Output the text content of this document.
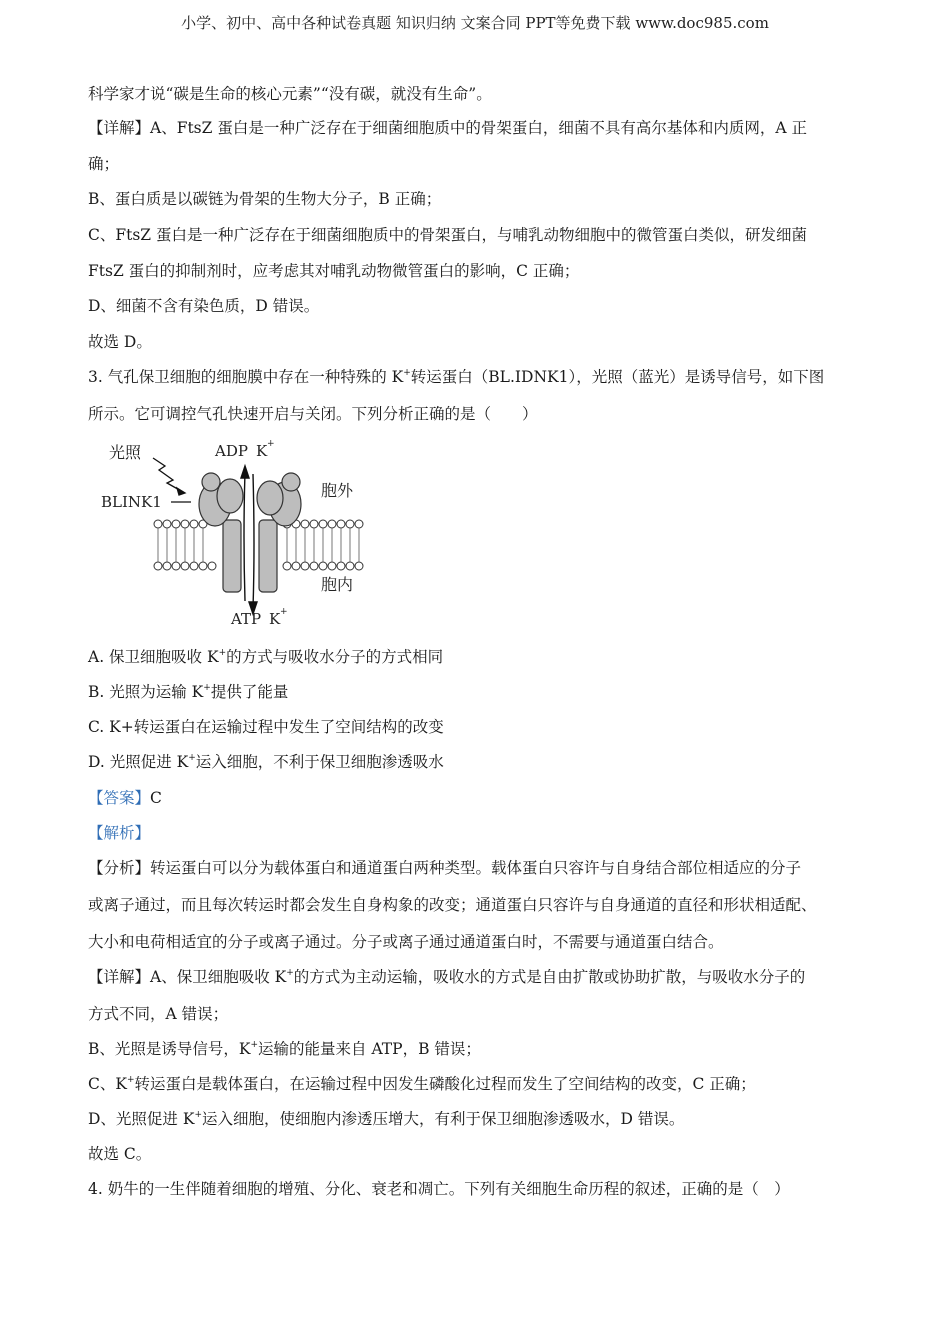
小学、初中、高中各种试卷真题 知识归纳 文案合同 PPT等免费下载 www.doc985.com
科学家才说“碳是生命的核心元素”“没有碳，就没有生命”。
【详解】A、FtsZ 蛋白是一种广泛存在于细菌细胞质中的骨架蛋白，细菌不具有高尔基体和内质网，A 正
确；
B、蛋白质是以碳链为骨架的生物大分子，B 正确；
C、FtsZ 蛋白是一种广泛存在于细菌细胞质中的骨架蛋白，与哺乳动物细胞中的微管蛋白类似，研发细菌
FtsZ 蛋白的抑制剂时，应考虑其对哺乳动物微管蛋白的影响，C 正确；
D、细菌不含有染色质，D 错误。
故选 D。
3. 气孔保卫细胞的细胞膜中存在一种特殊的 K+转运蛋白（BL.IDNK1），光照（蓝光）是诱导信号，如下图
所示。它可调控气孔快速开启与关闭。下列分析正确的是（　　）
光照	ADP K +
BLINK1
胞外
胞内
ATP K +
A. 保卫细胞吸收 K+的方式与吸收水分子的方式相同
B. 光照为运输 K+提供了能量
C. K+转运蛋白在运输过程中发生了空间结构的改变
D. 光照促进 K+运入细胞，不利于保卫细胞渗透吸水
【答案】C
【解析】
【分析】转运蛋白可以分为载体蛋白和通道蛋白两种类型。载体蛋白只容许与自身结合部位相适应的分子
或离子通过，而且每次转运时都会发生自身构象的改变；通道蛋白只容许与自身通道的直径和形状相适配、
大小和电荷相适宜的分子或离子通过。分子或离子通过通道蛋白时，不需要与通道蛋白结合。
【详解】A、保卫细胞吸收 K+的方式为主动运输，吸收水的方式是自由扩散或协助扩散，与吸收水分子的
方式不同，A 错误；
B、光照是诱导信号，K+运输的能量来自 ATP，B 错误；
C、K+转运蛋白是载体蛋白，在运输过程中因发生磷酸化过程而发生了空间结构的改变，C 正确；
D、光照促进 K+运入细胞，使细胞内渗透压增大，有利于保卫细胞渗透吸水，D 错误。
故选 C。
4. 奶牛的一生伴随着细胞的增殖、分化、衰老和凋亡。下列有关细胞生命历程的叙述，正确的是（　）
